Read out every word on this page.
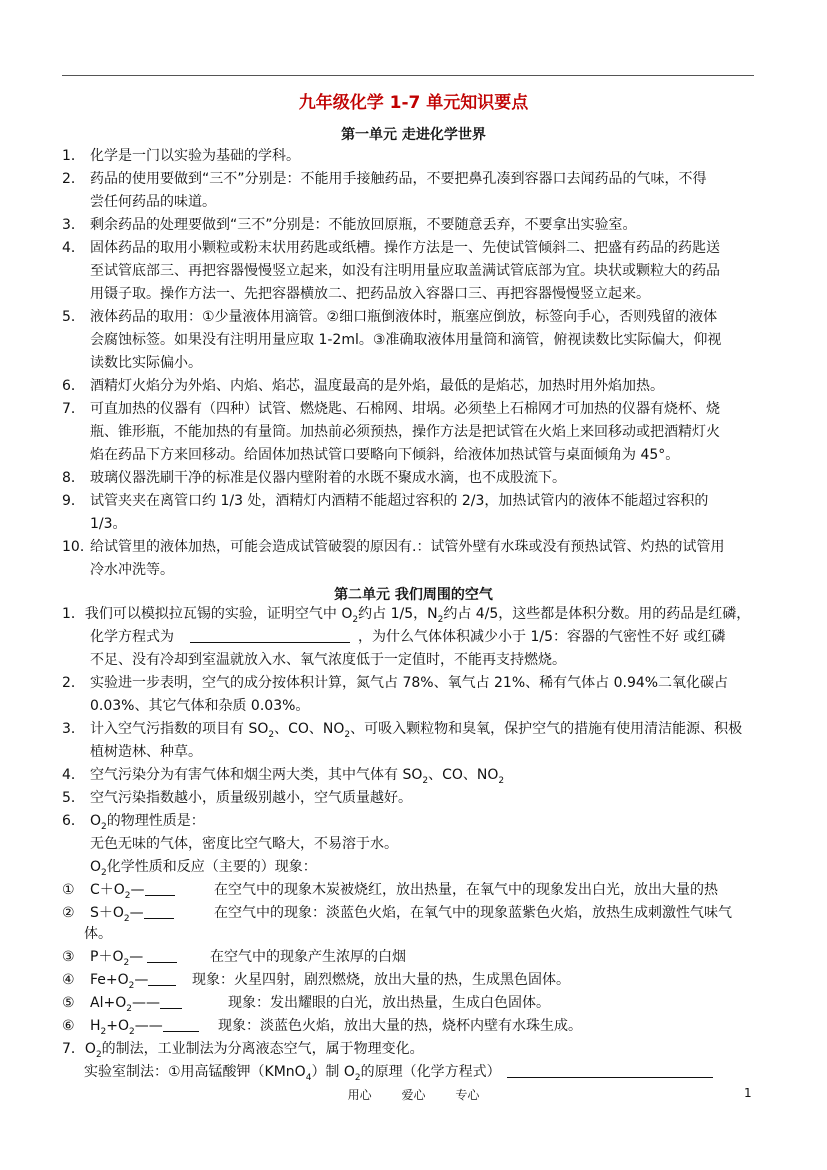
九年级化学 1-7 单元知识要点
第一单元 走进化学世界
1． 化学是一门以实验为基础的学科。
2． 药品的使用要做到“三不”分别是：不能用手接触药品，不要把鼻孔凑到容器口去闻药品的气味，不得
尝任何药品的味道。
3． 剩余药品的处理要做到“三不”分别是：不能放回原瓶，不要随意丢弃，不要拿出实验室。
4． 固体药品的取用小颗粒或粉末状用药匙或纸槽。操作方法是一、先使试管倾斜二、把盛有药品的药匙送
至试管底部三、再把容器慢慢竖立起来，如没有注明用量应取盖满试管底部为宜。块状或颗粒大的药品
用镊子取。操作方法一、先把容器横放二、把药品放入容器口三、再把容器慢慢竖立起来。
5． 液体药品的取用：①少量液体用滴管。②细口瓶倒液体时，瓶塞应倒放，标签向手心，否则残留的液体
会腐蚀标签。如果没有注明用量应取 1-2ml。③准确取液体用量筒和滴管，俯视读数比实际偏大，仰视
读数比实际偏小。
6． 酒精灯火焰分为外焰、内焰、焰芯，温度最高的是外焰，最低的是焰芯，加热时用外焰加热。
7． 可直加热的仪器有（四种）试管、燃烧匙、石棉网、坩埚。必须垫上石棉网才可加热的仪器有烧杯、烧
瓶、锥形瓶，不能加热的有量筒。加热前必须预热，操作方法是把试管在火焰上来回移动或把酒精灯火
焰在药品下方来回移动。给固体加热试管口要略向下倾斜，给液体加热试管与桌面倾角为 45°。
8． 玻璃仪器洗刷干净的标准是仪器内壁附着的水既不聚成水滴，也不成股流下。
9． 试管夹夹在离管口约 1/3 处，酒精灯内酒精不能超过容积的 2/3，加热试管内的液体不能超过容积的
1/3。
10．
给试管里的液体加热，可能会造成试管破裂的原因有.：试管外壁有水珠或没有预热试管、灼热的试管用
冷水冲洗等。
第二单元 我们周围的空气
1．我们可以模拟拉瓦锡的实验，证明空气中 $O_2$约占 1/5，$N_2$约占 4/5，这些都是体积分数。用的药品是红磷，
化学方程式为	，为什么气体体积减少小于 1/5：容器的气密性不好 或红磷
不足、没有冷却到室温就放入水、氧气浓度低于一定值时，不能再支持燃烧。
2． 实验进一步表明，空气的成分按体积计算，氮气占 78%、氧气占 21%、稀有气体占 0.94%二氧化碳占
0.03%、其它气体和杂质 0.03%。
3． 计入空气污指数的项目有 $SO_2$、CO、$NO_2$、可吸入颗粒物和臭氧，保护空气的措施有使用清洁能源、积极
植树造林、种草。
4． 空气污染分为有害气体和烟尘两大类，其中气体有 $SO_2$、CO、$NO_2$
5． 空气污染指数越小，质量级别越小，空气质量越好。
6． $O_2$的物理性质是：
无色无味的气体，密度比空气略大，不易溶于水。
$O_2$化学性质和反应（主要的）现象：
① $C+O_2—$	在空气中的现象木炭被烧红，放出热量，在氧气中的现象发出白光，放出大量的热
② $S+O_2—$	在空气中的现象：淡蓝色火焰，在氧气中的现象蓝紫色火焰，放热生成刺激性气味气
体。
③ $P+O_2—$	在空气中的现象产生浓厚的白烟
④ $Fe+O_2—$	现象：火星四射，剧烈燃烧，放出大量的热，生成黑色固体。
⑤ $Al+O_2——$	现象：发出耀眼的白光，放出热量，生成白色固体。
⑥ $H_2+O_2——$	现象：淡蓝色火焰，放出大量的热，烧杯内壁有水珠生成。
7．$O_2$的制法，工业制法为分离液态空气，属于物理变化。
实验室制法：①用高锰酸钾（KMnO$_4$）制 $O_2$的原理（化学方程式）
用心 爱心 专心	1
